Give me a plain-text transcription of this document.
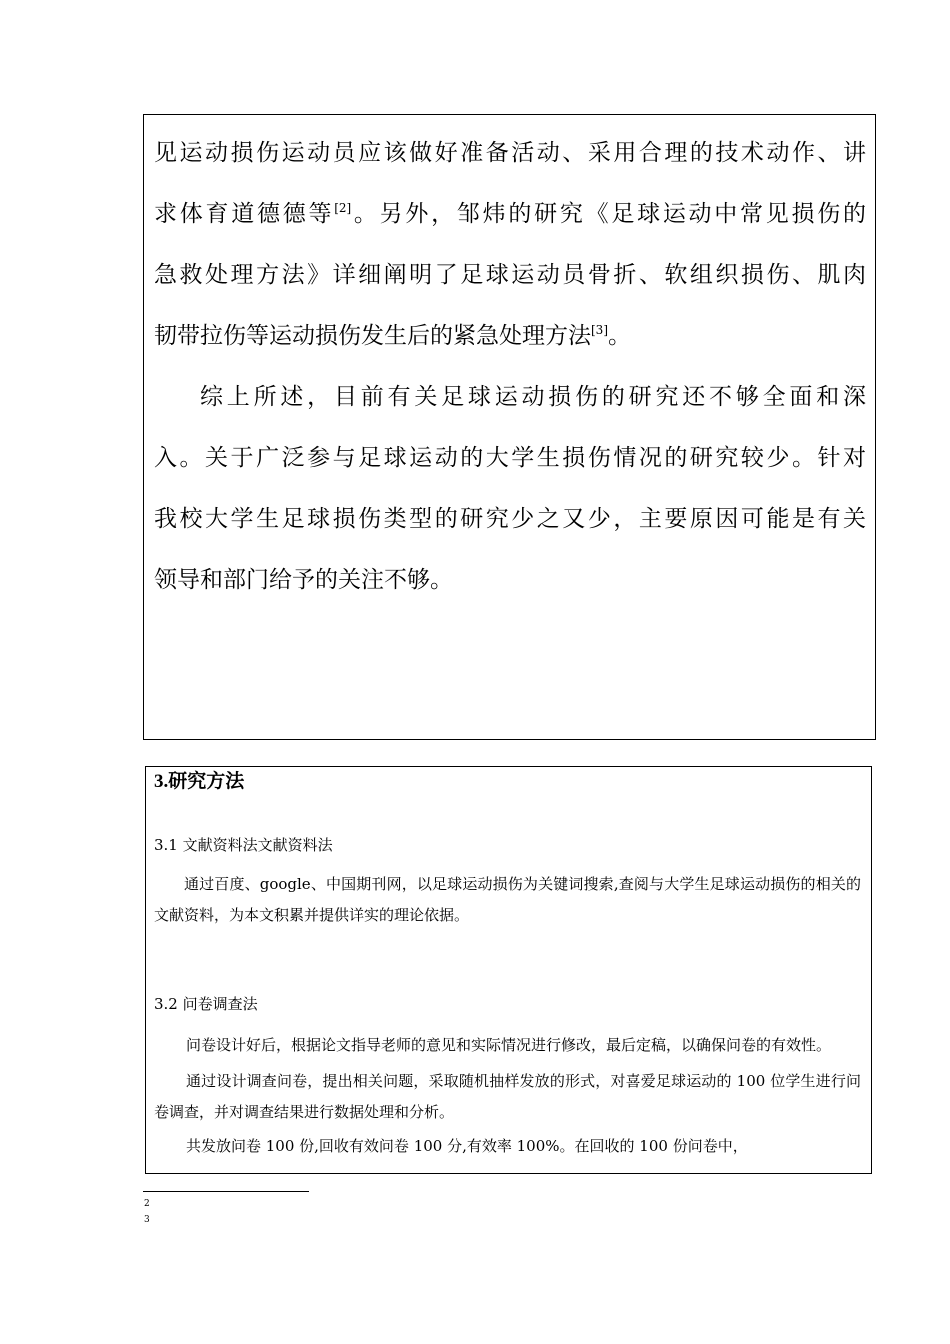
见运动损伤运动员应该做好准备活动、采用合理的技术动作、讲

求体育道德德等[2]。另外，邹炜的研究《足球运动中常见损伤的

急救处理方法》详细阐明了足球运动员骨折、软组织损伤、肌肉

韧带拉伤等运动损伤发生后的紧急处理方法[3]。

综上所述，目前有关足球运动损伤的研究还不够全面和深

入。关于广泛参与足球运动的大学生损伤情况的研究较少。针对

我校大学生足球损伤类型的研究少之又少，主要原因可能是有关

领导和部门给予的关注不够。

3.研究方法

3.1 文献资料法文献资料法

通过百度、google、中国期刊网，以足球运动损伤为关键词搜索,查阅与大学生足球运动损伤的相关的文献资料，为本文积累并提供详实的理论依据。

3.2 问卷调查法

问卷设计好后，根据论文指导老师的意见和实际情况进行修改，最后定稿，以确保问卷的有效性。

通过设计调查问卷，提出相关问题，采取随机抽样发放的形式，对喜爱足球运动的 100 位学生进行问卷调查，并对调查结果进行数据处理和分析。

共发放问卷 100 份,回收有效问卷 100 分,有效率 100%。在回收的 100 份问卷中，

2
3
